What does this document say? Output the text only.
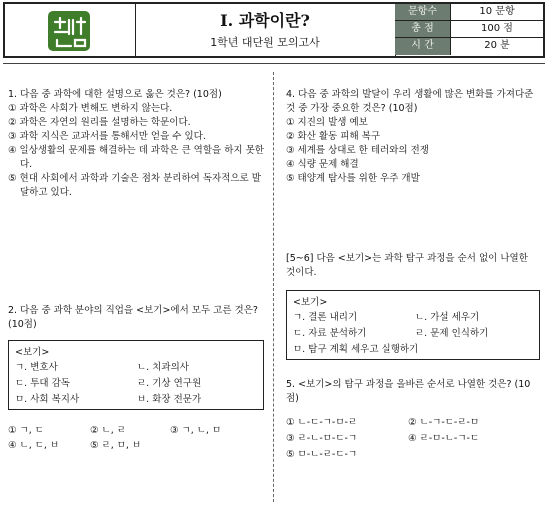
I. 과학이란?
1학년 대단원 모의고사
문항수	10 문항
총 점	100 점
시 간	20 분

1. 다음 중 과학에 대한 설명으로 옳은 것은? (10점)

① 과학은 사회가 변해도 변하지 않는다.

② 과학은 자연의 원리를 설명하는 학문이다.

③ 과학 지식은 교과서를 통해서만 얻을 수 있다.

④ 일상생활의 문제를 해결하는 데 과학은 큰 역할을 하지 못한다.

⑤ 현대 사회에서 과학과 기술은 점차 분리하여 독자적으로 발달하고 있다.

2. 다음 중 과학 분야의 직업을 <보기>에서 모두 고른 것은? (10점)

<보기>
ㄱ. 변호사	ㄴ. 치과의사
ㄷ. 투대 감독	ㄹ. 기상 연구원
ㅁ. 사회 복지사	ㅂ. 화장 전문가
① ㄱ, ㄷ	② ㄴ, ㄹ	③ ㄱ, ㄴ, ㅁ
④ ㄴ, ㄷ, ㅂ	⑤ ㄹ, ㅁ, ㅂ

4. 다음 중 과학의 발달이 우리 생활에 많은 변화를 가져다준 것 중 가장 중요한 것은? (10점)

① 지진의 발생 예보

② 화산 활동 피해 복구

③ 세계를 상대로 한 테러와의 전쟁

④ 식량 문제 해결

⑤ 태양계 탐사를 위한 우주 개발

[5~6] 다음 <보기>는 과학 탐구 과정을 순서 없이 나열한 것이다.

<보기>
ㄱ. 결론 내리기	ㄴ. 가설 세우기
ㄷ. 자료 분석하기	ㄹ. 문제 인식하기
ㅁ. 탐구 계획 세우고 실행하기

5. <보기>의 탐구 과정을 올바른 순서로 나열한 것은? (10점)

① ㄴ-ㄷ-ㄱ-ㅁ-ㄹ	② ㄴ-ㄱ-ㄷ-ㄹ-ㅁ
③ ㄹ-ㄴ-ㅁ-ㄷ-ㄱ	④ ㄹ-ㅁ-ㄴ-ㄱ-ㄷ
⑤ ㅁ-ㄴ-ㄹ-ㄷ-ㄱ
